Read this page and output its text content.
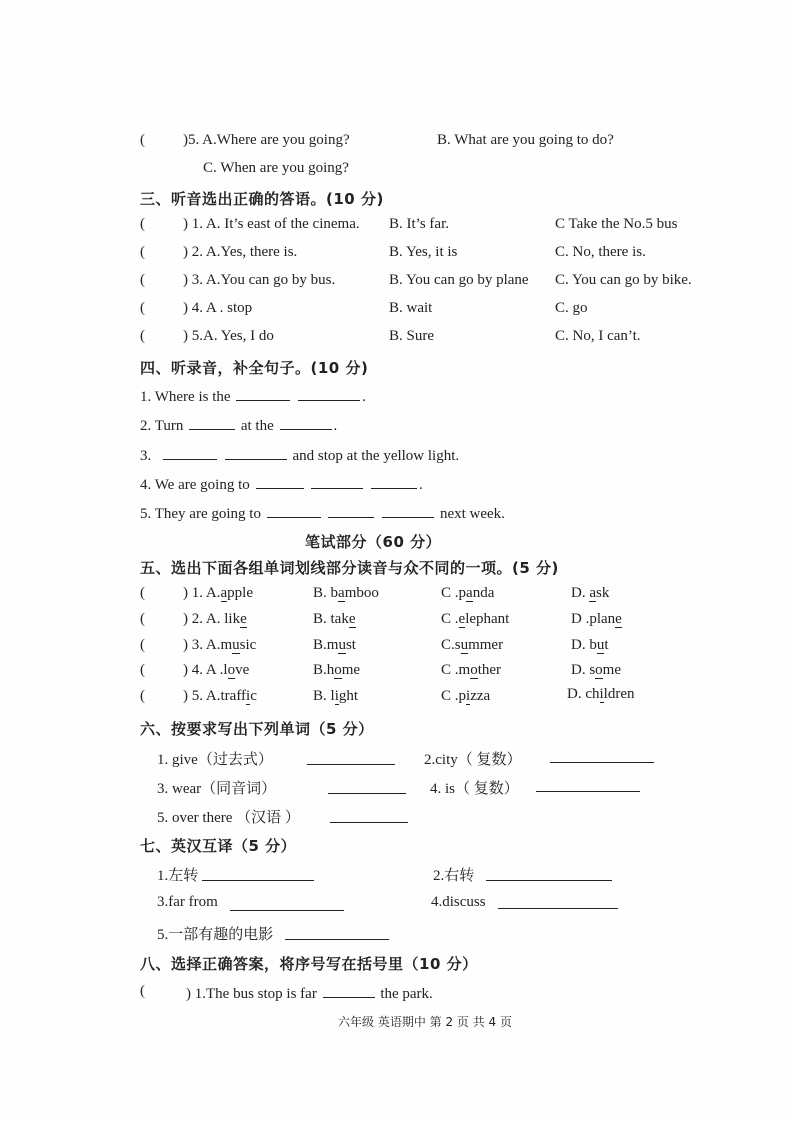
(	)5. A.Where are you going?	B. What are you going to do?
C. When are you going?
三、听音选出正确的答语。(10 分)
(	) 1. A. It’s east of the cinema. B. It’s far.	C Take the No.5 bus
(	) 2. A.Yes, there is.	B. Yes, it is	C. No, there is.
(	) 3. A.You can go by bus.	B. You can go by plane C. You can go by bike.
(	) 4. A . stop	B. wait	C. go
(	) 5.A. Yes, I do	B. Sure	C. No, I can’t.
四、听录音，补全句子。(10 分)
1. Where is the	.
2. Turn	at the	.
3.	and stop at the yellow light.
4. We are going to	.
5. They are going to	next week.
笔试部分（60 分）
五、选出下面各组单词划线部分读音与众不同的一项。(5 分)
(	) 1. A.apple	B. bamboo	C .panda	D. ask
(	) 2. A. like	B. take	C .elephant	D .plane
(	) 3. A.music	B.must	C.summer	D. but
(	) 4. A .love	B.home	C .mother	D. some
(	) 5. A.traffic	B. light	C .pizza	D. children
六、按要求写出下列单词（5 分）
1. give（过去式）	2.city（ 复数）
3. wear（同音词）	4. is（ 复数）
5. over there （汉语 ）
七、英汉互译（5 分）
1.左转	2.右转
3.far from	4.discuss
5.一部有趣的电影
八、选择正确答案，将序号写在括号里（10 分）
(	) 1.The bus stop is far	the park.
六年级 英语期中 第 2 页 共 4 页
